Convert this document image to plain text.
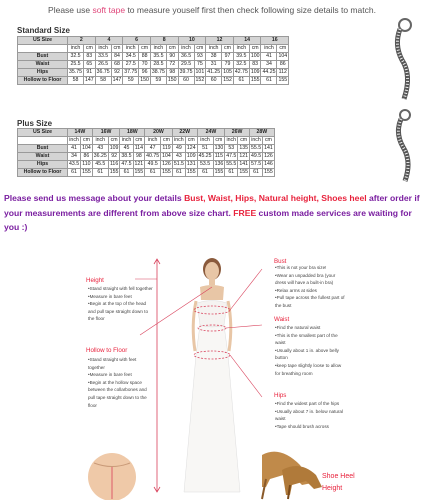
Please use soft tape to measure youself first then check following size details to match.
Standard Size
US Size	2		4		6		8		10		12		14		16	
	inch	cm	inch	cm	inch	cm	inch	cm	inch	cm	inch	cm	inch	cm	inch	cm
Bust	32.5	83	33.5	84	34.5	88	35.5	90	36.5	93	38	97	39.5	100	41	104
Waist	25.5	65	26.5	68	27.5	70	28.5	72	29.5	75	31	79	32.5	83	34	86
Hips	35.75	91	36.75	92	37.75	96	38.75	98	39.75	101	41.25	105	42.75	109	44.25	112
Hollow to Floor	58	147	58	147	59	150	59	150	60	152	60	152	61	155	61	155
Plus Size
US Size	14W		16W		18W		20W		22W		24W		26W		28W	
	inch	cm	inch	cm	inch	cm	inch	cm	inch	cm	inch	cm	inch	cm	inch	cm
Bust	41	104	43	109	45	114	47	119	49	124	51	130	53	135	55.5	141
Waist	34	86	36.25	92	38.5	98	40.75	104	43	109	45.25	115	47.5	121	49.5	126
Hips	43.5	110	45.5	116	47.5	121	49.5	126	51.5	131	53.5	136	55.5	141	57.5	146
Hollow to Floor	61	155	61	155	61	155	61	155	61	155	61	155	61	155	61	155
Please send us message about your details Bust, Waist, Hips, Natural height, Shoes heel after order if your measurements are different from above size chart. FREE custom made services are waiting for you :)
Height
• Stand straight with fell together
• Measure in bare feet
• Begin at the top of the head and pull tape straight down to the floor
Hollow to Floor
• Stand straight with feet together
• Measure in bare feet
• Begin at the hollow space between the collarbones and pull tape straight down to the floor
Bust
• This is not your bra size!
• Wear an unpadded bra (your dress will have a built-in bra)
• Relax arms at sides
• Pull tape across the fullest part of the bust
Waist
• Find the natural waist
• This is the smallest part of the waist
• Usually about 1 in. above belly button
• keep tape slightly loose to allow for breathing room
Hips
• Find the widest part of the hips
• Usually about 7 in. below natural waist
• Tape should brush across
Shoe Heel
Height
